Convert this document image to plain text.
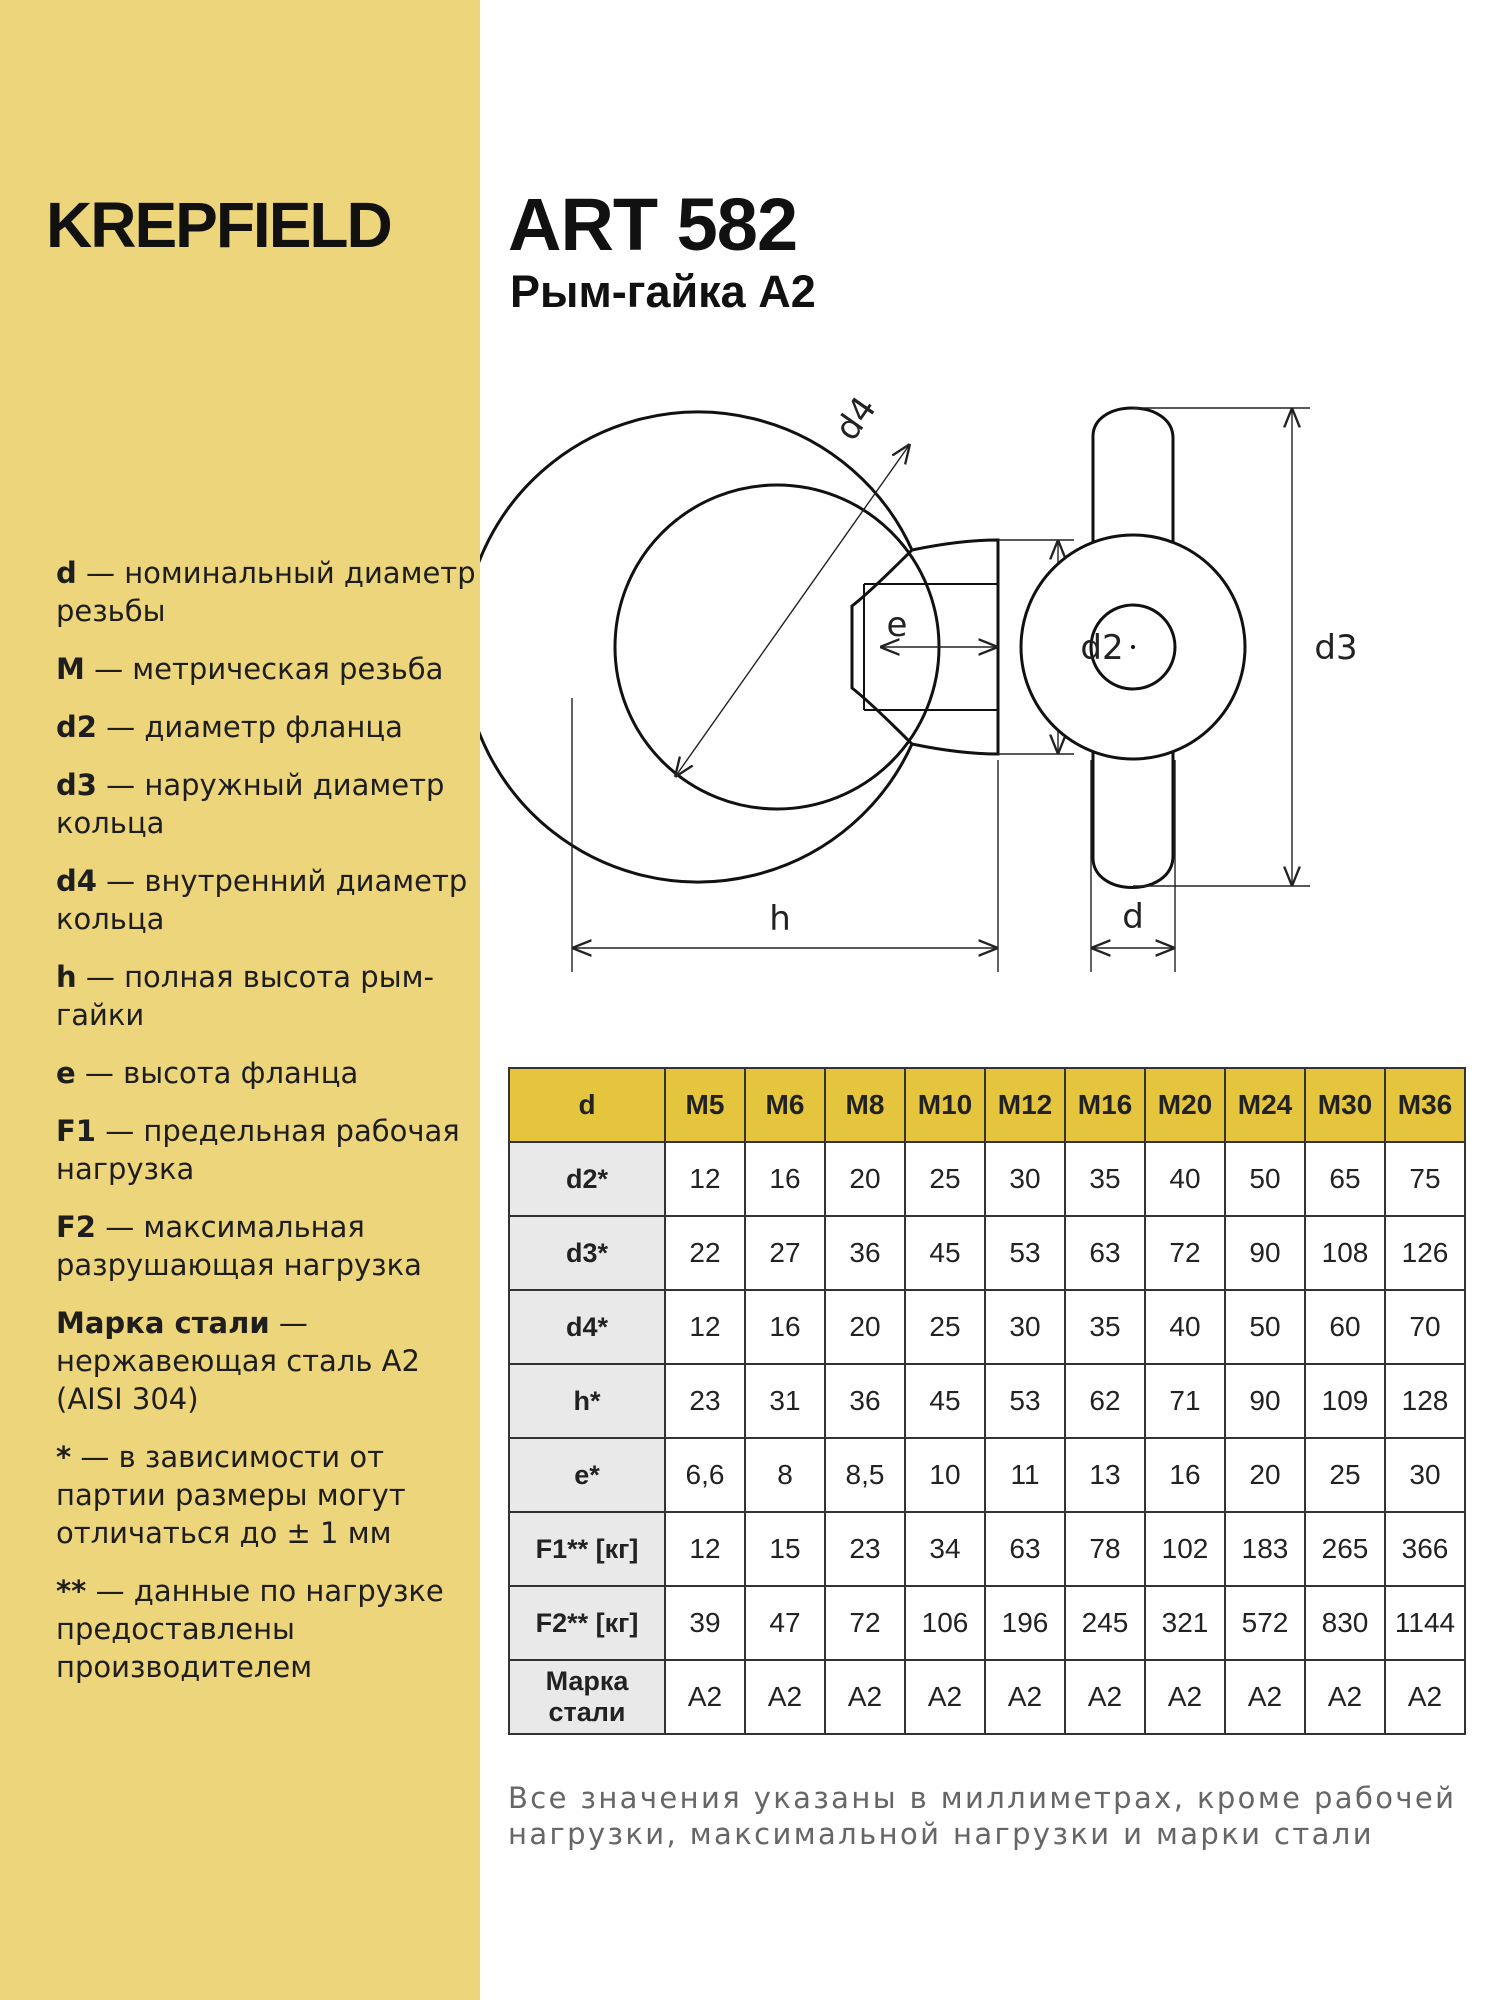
KREPFIELD
d — номинальный диаметр резьбы
M — метрическая резьба
d2 — диаметр фланца
d3 — наружный диаметр кольца
d4 — внутренний диаметр кольца
h — полная высота рым-гайки
e — высота фланца
F1 — предельная рабочая нагрузка
F2 — максимальная разрушающая нагрузка
Марка стали — нержавеющая сталь А2 (AISI 304)
* — в зависимости от партии размеры могут отличаться до ± 1 мм
** — данные по нагрузке предоставлены производителем
ART 582
Рым-гайка А2
d4
e
d2
h
d3
d
d	M5	M6	M8	M10	M12	M16	M20	M24	M30	M36
d2*	12	16	20	25	30	35	40	50	65	75
d3*	22	27	36	45	53	63	72	90	108	126
d4*	12	16	20	25	30	35	40	50	60	70
h*	23	31	36	45	53	62	71	90	109	128
e*	6,6	8	8,5	10	11	13	16	20	25	30
F1** [кг]	12	15	23	34	63	78	102	183	265	366
F2** [кг]	39	47	72	106	196	245	321	572	830	1144
Марка стали	A2	A2	A2	A2	A2	A2	A2	A2	A2	A2
Все значения указаны в миллиметрах, кроме рабочей нагрузки, максимальной нагрузки и марки стали
